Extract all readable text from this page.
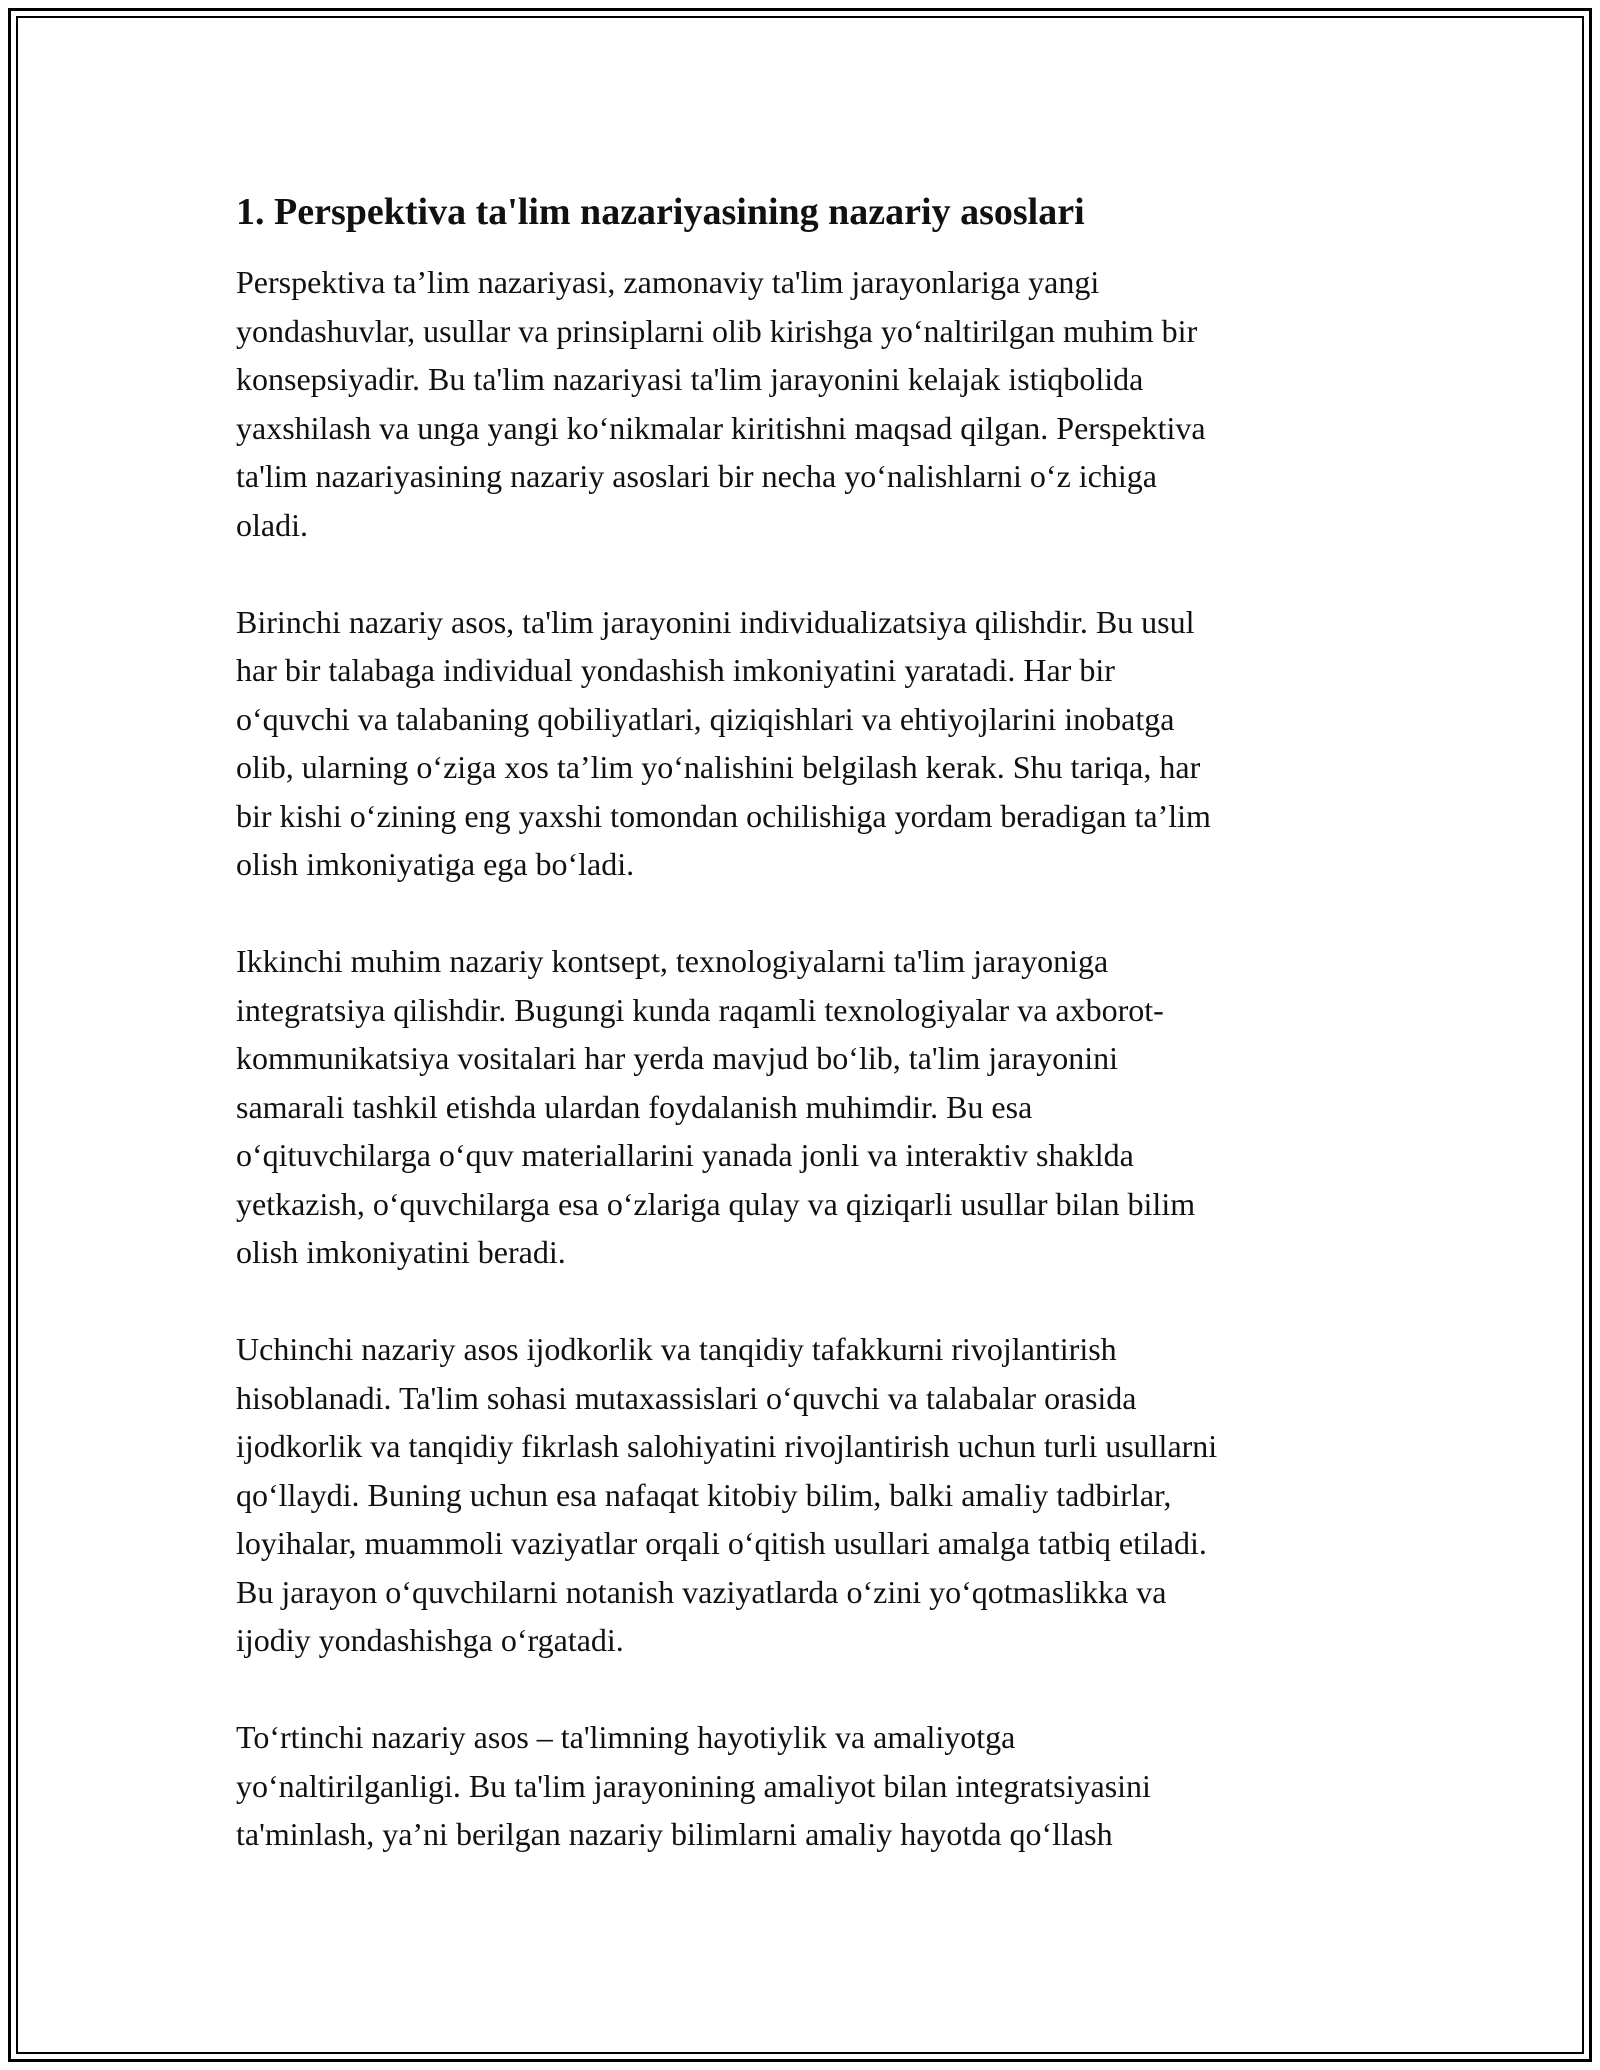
1. Perspektiva ta'lim nazariyasining nazariy asoslari
Perspektiva ta’lim nazariyasi, zamonaviy ta'lim jarayonlariga yangi
yondashuvlar, usullar va prinsiplarni olib kirishga yo‘naltirilgan muhim bir
konsepsiyadir. Bu ta'lim nazariyasi ta'lim jarayonini kelajak istiqbolida
yaxshilash va unga yangi ko‘nikmalar kiritishni maqsad qilgan. Perspektiva
ta'lim nazariyasining nazariy asoslari bir necha yo‘nalishlarni o‘z ichiga
oladi.
Birinchi nazariy asos, ta'lim jarayonini individualizatsiya qilishdir. Bu usul
har bir talabaga individual yondashish imkoniyatini yaratadi. Har bir
o‘quvchi va talabaning qobiliyatlari, qiziqishlari va ehtiyojlarini inobatga
olib, ularning o‘ziga xos ta’lim yo‘nalishini belgilash kerak. Shu tariqa, har
bir kishi o‘zining eng yaxshi tomondan ochilishiga yordam beradigan ta’lim
olish imkoniyatiga ega bo‘ladi.
Ikkinchi muhim nazariy kontsept, texnologiyalarni ta'lim jarayoniga
integratsiya qilishdir. Bugungi kunda raqamli texnologiyalar va axborot-
kommunikatsiya vositalari har yerda mavjud bo‘lib, ta'lim jarayonini
samarali tashkil etishda ulardan foydalanish muhimdir. Bu esa
o‘qituvchilarga o‘quv materiallarini yanada jonli va interaktiv shakldа
yetkazish, o‘quvchilarga esa o‘zlariga qulay va qiziqarli usullar bilan bilim
olish imkoniyatini beradi.
Uchinchi nazariy asos ijodkorlik va tanqidiy tafakkurni rivojlantirish
hisoblanadi. Ta'lim sohasi mutaxassislari o‘quvchi va talabalar orasida
ijodkorlik va tanqidiy fikrlash salohiyatini rivojlantirish uchun turli usullarni
qo‘llaydi. Buning uchun esa nafaqat kitobiy bilim, balki amaliy tadbirlar,
loyihalar, muammoli vaziyatlar orqali o‘qitish usullari amalga tatbiq etiladi.
Bu jarayon o‘quvchilarni notanish vaziyatlarda o‘zini yo‘qotmaslikka va
ijodiy yondashishga o‘rgatadi.
To‘rtinchi nazariy asos – ta'limning hayotiylik va amaliyotga
yo‘naltirilganligi. Bu ta'lim jarayonining amaliyot bilan integratsiyasini
ta'minlash, ya’ni berilgan nazariy bilimlarni amaliy hayotda qo‘llash
